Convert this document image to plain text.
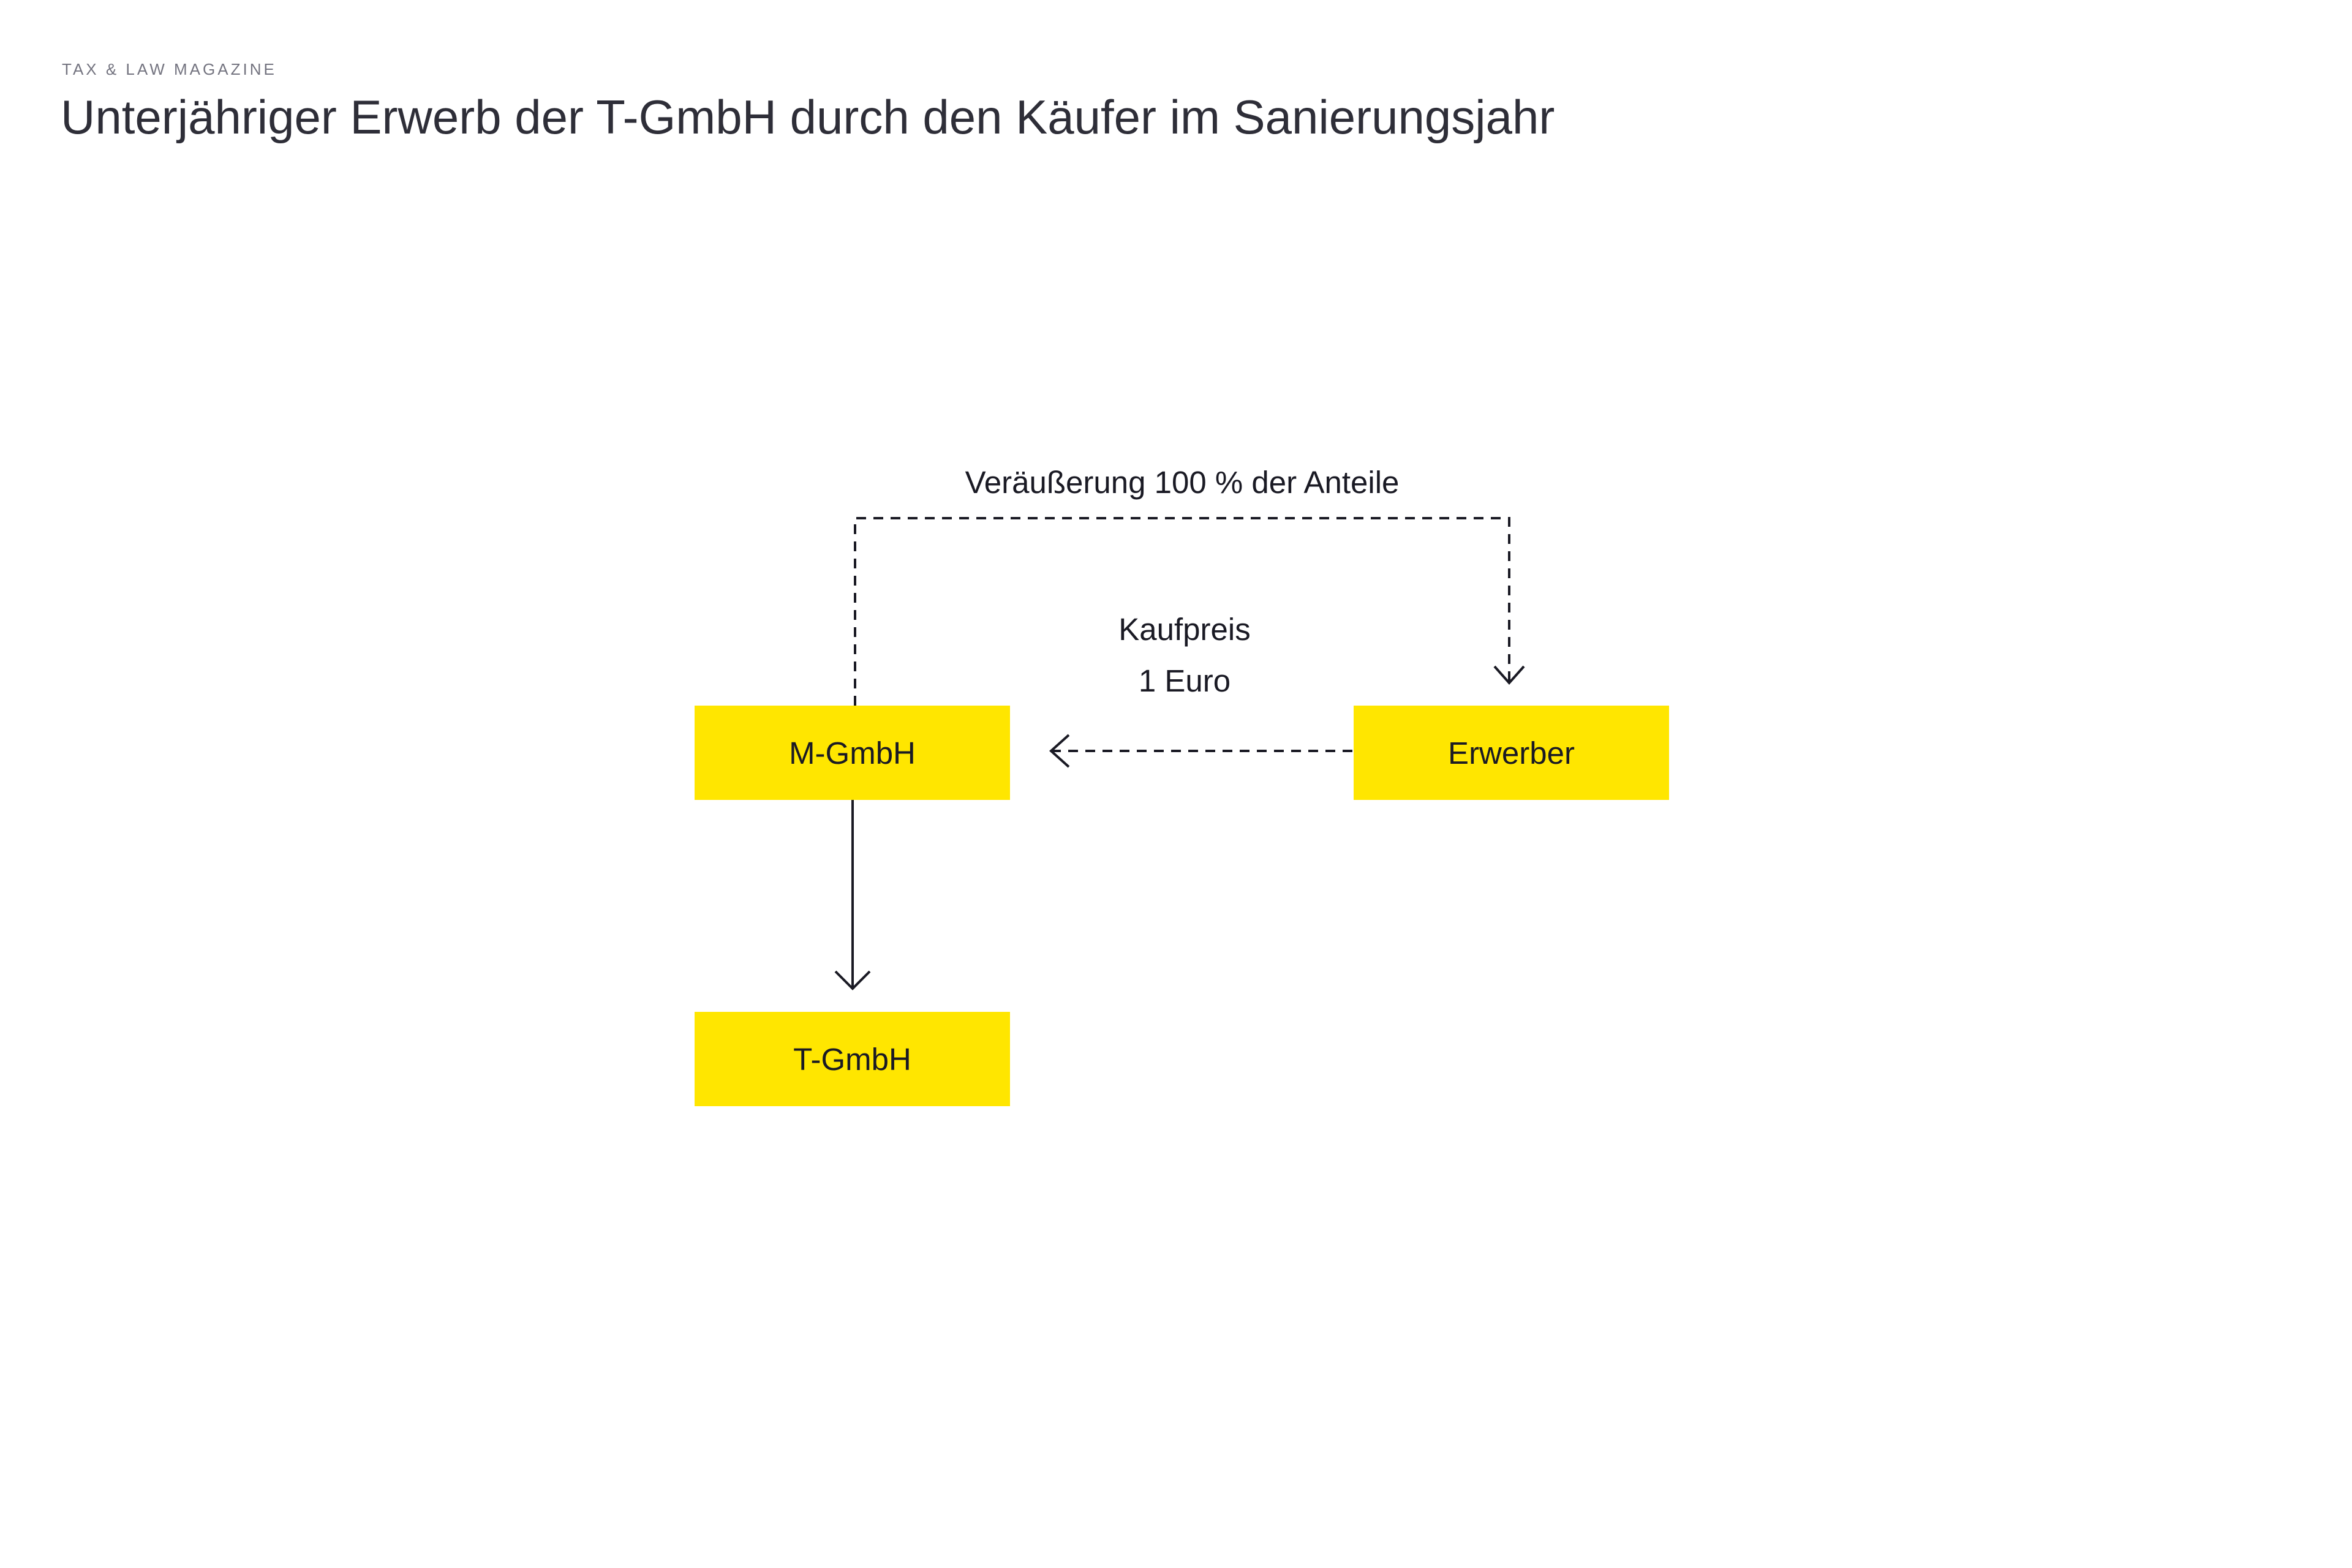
TAX & LAW MAGAZINE
Unterjähriger Erwerb der T-GmbH durch den Käufer im Sanierungsjahr
M-GmbH	Erwerber
T-GmbH
Veräußerung 100 % der Anteile
Kaufpreis
1 Euro
